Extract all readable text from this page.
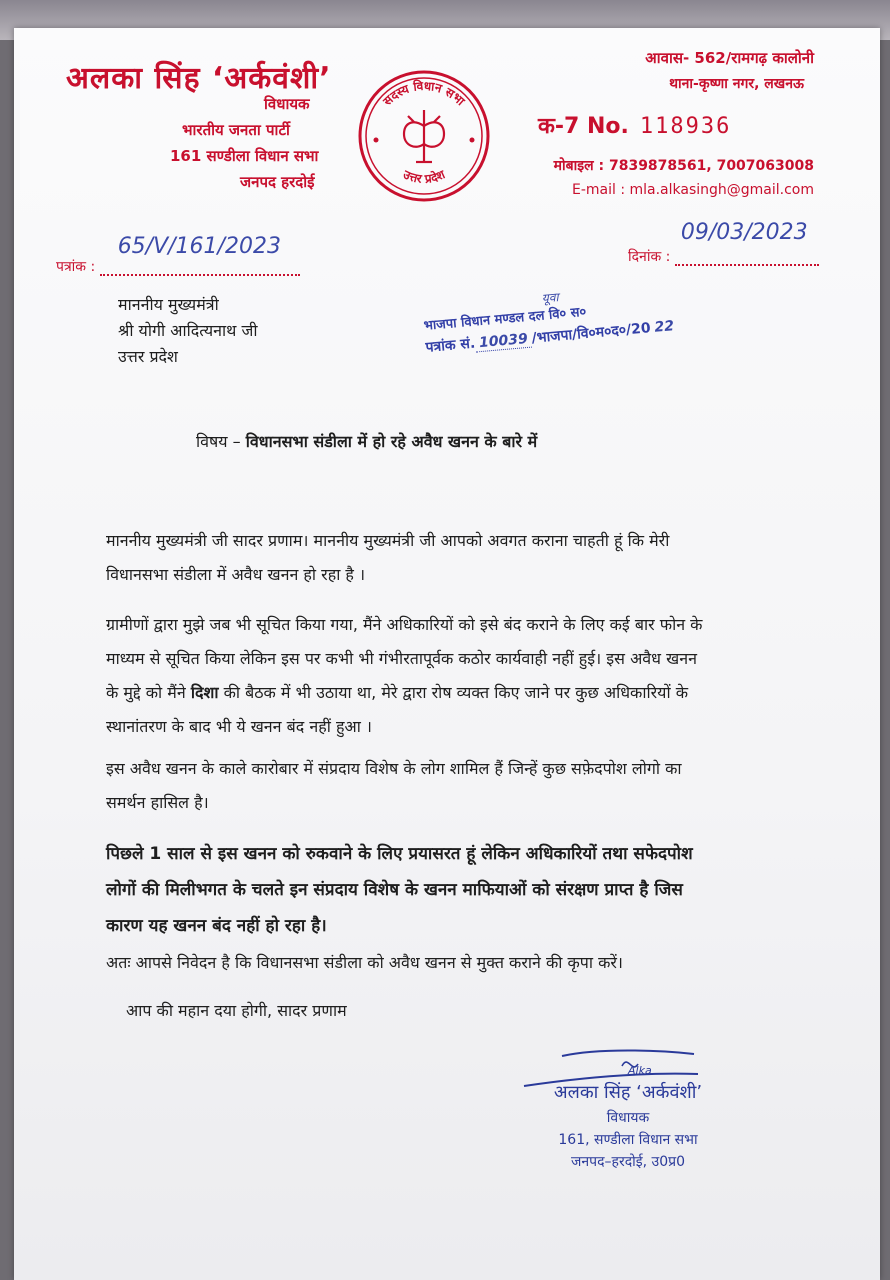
अलका सिंह ‘अर्कवंशी’
विधायक
भारतीय जनता पार्टी
161 सण्डीला विधान सभा
जनपद हरदोई
सदस्य विधान सभा
उत्तर प्रदेश
आवास- 562/रामगढ़ कालोनी
थाना-कृष्णा नगर, लखनऊ
क-7 No. 118936
मोबाइल : 7839878561, 7007063008
E-mail : mla.alkasingh@gmail.com
पत्रांक :
65/V/161/2023	दिनांक :
09/03/2023
माननीय मुख्यमंत्री
श्री योगी आदित्यनाथ जी
उत्तर प्रदेश
यूवा
भाजपा विधान मण्डल दल वि० स०
पत्रांक सं. 10039 /भाजपा/वि०म०द०/20 22
विषय – विधानसभा संडीला में हो रहे अवैध खनन के बारे में
माननीय मुख्यमंत्री जी सादर प्रणाम। माननीय मुख्यमंत्री जी आपको अवगत कराना चाहती हूं कि मेरी
विधानसभा संडीला में अवैध खनन हो रहा है ।
ग्रामीणों द्वारा मुझे जब भी सूचित किया गया, मैंने अधिकारियों को इसे बंद कराने के लिए कई बार फोन के
माध्यम से सूचित किया लेकिन इस पर कभी भी गंभीरतापूर्वक कठोर कार्यवाही नहीं हुई। इस अवैध खनन
के मुद्दे को मैंने दिशा की बैठक में भी उठाया था, मेरे द्वारा रोष व्यक्त किए जाने पर कुछ अधिकारियों के
स्थानांतरण के बाद भी ये खनन बंद नहीं हुआ ।
इस अवैध खनन के काले कारोबार में संप्रदाय विशेष के लोग शामिल हैं जिन्हें कुछ सफ़ेदपोश लोगो का
समर्थन हासिल है।
पिछले 1 साल से इस खनन को रुकवाने के लिए प्रयासरत हूं लेकिन अधिकारियों तथा सफेदपोश
लोगों की मिलीभगत के चलते इन संप्रदाय विशेष के खनन माफियाओं को संरक्षण प्राप्त है जिस
कारण यह खनन बंद नहीं हो रहा है।
अतः आपसे निवेदन है कि विधानसभा संडीला को अवैध खनन से मुक्त कराने की कृपा करें।
आप की महान दया होगी, सादर प्रणाम
Alka
अलका सिंह ‘अर्कवंशी’
विधायक
161, सण्डीला विधान सभा
जनपद–हरदोई, उ0प्र0
